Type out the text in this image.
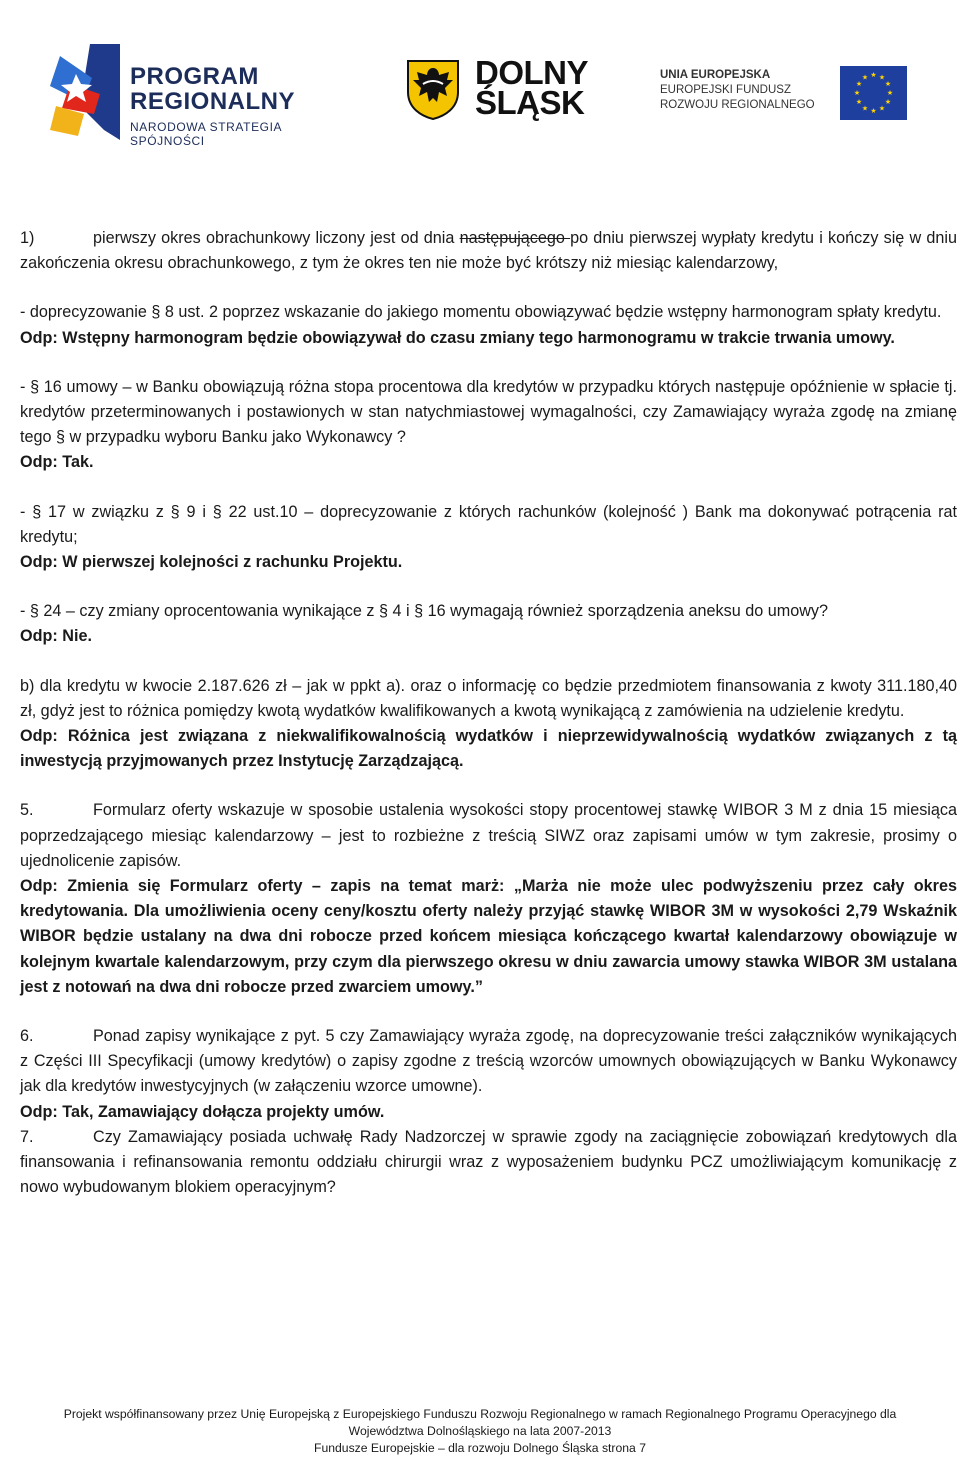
PROGRAM
REGIONALNY
NARODOWA STRATEGIA SPÓJNOŚCI
DOLNY
ŚLĄSK
UNIA EUROPEJSKA
EUROPEJSKI FUNDUSZ
ROZWOJU REGIONALNEGO
★ ★
★
★
★
★
★
★
★
★
★
★

1)	pierwszy okres obrachunkowy liczony jest od dnia następującego po dniu pierwszej wypłaty kredytu i kończy się w dniu zakończenia okresu obrachunkowego, z tym że okres ten nie może być krótszy niż miesiąc kalendarzowy,

- doprecyzowanie § 8 ust. 2 poprzez wskazanie do jakiego momentu obowiązywać będzie wstępny harmonogram spłaty kredytu.

Odp: Wstępny harmonogram będzie obowiązywał do czasu zmiany tego harmonogramu w trakcie trwania umowy.

- § 16 umowy – w Banku obowiązują różna stopa procentowa dla kredytów w przypadku których następuje opóźnienie w spłacie tj. kredytów przeterminowanych i postawionych w stan natychmiastowej wymagalności, czy Zamawiający wyraża zgodę na zmianę tego § w przypadku wyboru Banku jako Wykonawcy ?

Odp: Tak.

- § 17 w związku z § 9 i § 22 ust.10 – doprecyzowanie z których rachunków (kolejność ) Bank ma dokonywać potrącenia rat kredytu;

Odp: W pierwszej kolejności z rachunku Projektu.

- § 24 – czy zmiany oprocentowania wynikające z § 4 i § 16 wymagają również sporządzenia aneksu do umowy?

Odp: Nie.

b) dla kredytu w kwocie 2.187.626 zł – jak w ppkt a). oraz o informację co będzie przedmiotem finansowania z kwoty 311.180,40 zł, gdyż jest to różnica pomiędzy kwotą wydatków kwalifikowanych a kwotą wynikającą z zamówienia na udzielenie kredytu.

Odp: Różnica jest związana z niekwalifikowalnością wydatków i nieprzewidywalnością wydatków związanych z tą inwestycją przyjmowanych przez Instytucję Zarządzającą.

5.	Formularz oferty wskazuje w sposobie ustalenia wysokości stopy procentowej stawkę WIBOR 3 M z dnia 15 miesiąca poprzedzającego miesiąc kalendarzowy – jest to rozbieżne z treścią SIWZ oraz zapisami umów w tym zakresie, prosimy o ujednolicenie zapisów.

Odp: Zmienia się Formularz oferty – zapis na temat marż: „Marża nie może ulec podwyższeniu przez cały okres kredytowania. Dla umożliwienia oceny ceny/kosztu oferty należy przyjąć stawkę WIBOR 3M w wysokości 2,79 Wskaźnik WIBOR będzie ustalany na dwa dni robocze przed końcem miesiąca kończącego kwartał kalendarzowy obowiązuje w kolejnym kwartale kalendarzowym, przy czym dla pierwszego okresu w dniu zawarcia umowy stawka WIBOR 3M ustalana jest z notowań na dwa dni robocze przed zwarciem umowy.”

6.	Ponad zapisy wynikające z pyt. 5 czy Zamawiający wyraża zgodę, na doprecyzowanie treści załączników wynikających z Części III Specyfikacji (umowy kredytów) o zapisy zgodne z treścią wzorców umownych obowiązujących w Banku Wykonawcy jak dla kredytów inwestycyjnych (w załączeniu wzorce umowne).

Odp: Tak, Zamawiający dołącza projekty umów.

7.	Czy Zamawiający posiada uchwałę Rady Nadzorczej w sprawie zgody na zaciągnięcie zobowiązań kredytowych dla finansowania i refinansowania remontu oddziału chirurgii wraz z wyposażeniem budynku PCZ umożliwiającym komunikację z nowo wybudowanym blokiem operacyjnym?

Projekt współfinansowany przez Unię Europejską z Europejskiego Funduszu Rozwoju Regionalnego w ramach Regionalnego Programu Operacyjnego dla
Województwa Dolnośląskiego na lata 2007-2013
Fundusze Europejskie – dla rozwoju Dolnego Śląska strona 7
